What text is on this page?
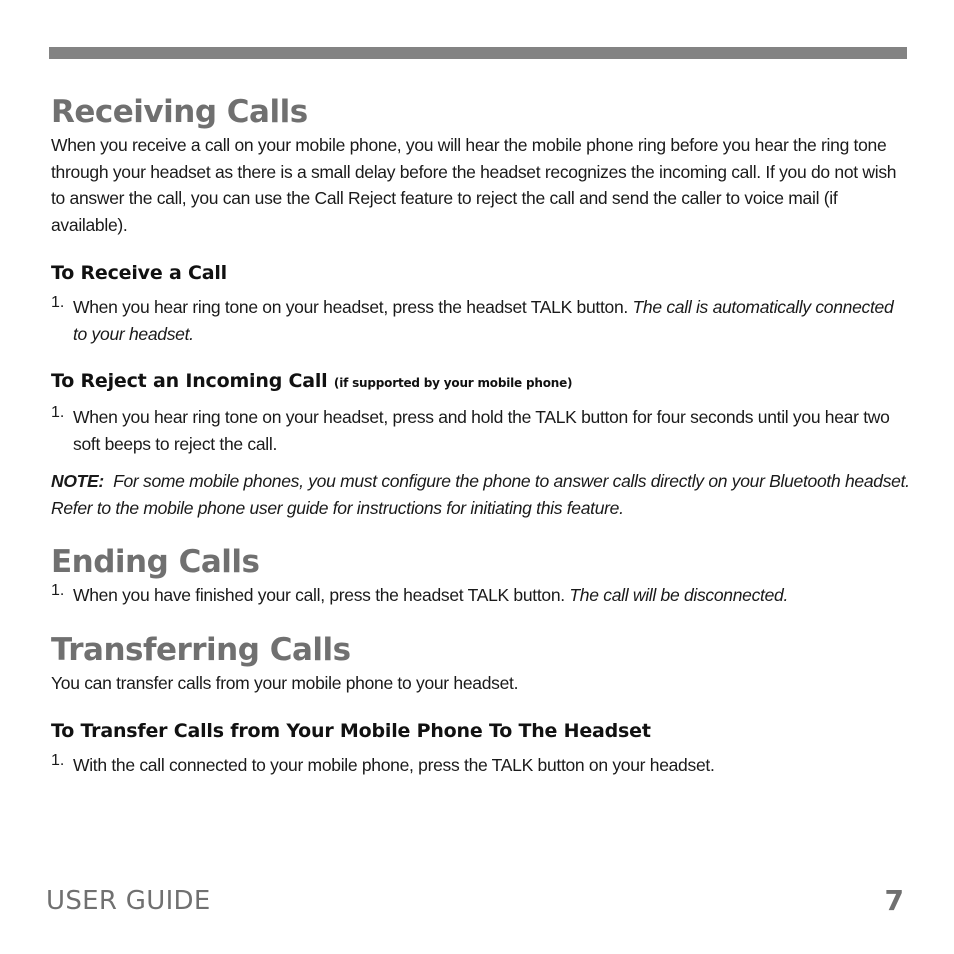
Receiving Calls

When you receive a call on your mobile phone, you will hear the mobile phone ring before you hear the ring tone through your headset as there is a small delay before the headset recognizes the incoming call. If you do not wish to answer the call, you can use the Call Reject feature to reject the call and send the caller to voice mail (if available).

To Receive a Call
1. When you hear ring tone on your headset, press the headset TALK button. The call is automatically connected to your headset.

To Reject an Incoming Call (if supported by your mobile phone)
1. When you hear ring tone on your headset, press and hold the TALK button for four seconds until you hear two soft beeps to reject the call.

NOTE: For some mobile phones, you must configure the phone to answer calls directly on your Bluetooth headset. Refer to the mobile phone user guide for instructions for initiating this feature.

Ending Calls
1. When you have finished your call, press the headset TALK button. The call will be disconnected.

Transferring Calls

You can transfer calls from your mobile phone to your headset.

To Transfer Calls from Your Mobile Phone To The Headset
1. With the call connected to your mobile phone, press the TALK button on your headset.

USER GUIDE	7
